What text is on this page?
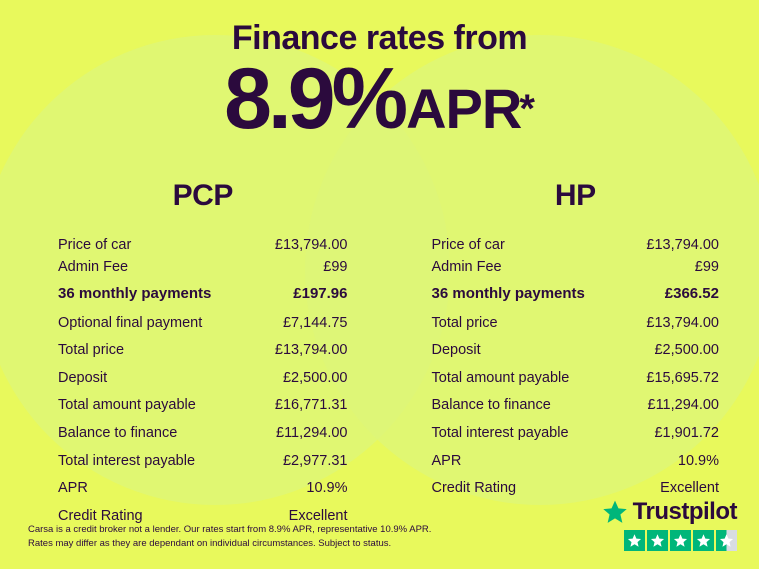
Finance rates from
8.9%APR*
PCP
Price of car	£13,794.00
Admin Fee	£99
36 monthly payments	£197.96
Optional final payment	£7,144.75
Total price	£13,794.00
Deposit	£2,500.00
Total amount payable	£16,771.31
Balance to finance	£11,294.00
Total interest payable	£2,977.31
APR	10.9%
Credit Rating	Excellent
HP
Price of car	£13,794.00
Admin Fee	£99
36 monthly payments	£366.52
Total price	£13,794.00
Deposit	£2,500.00
Total amount payable	£15,695.72
Balance to finance	£11,294.00
Total interest payable	£1,901.72
APR	10.9%
Credit Rating	Excellent
Carsa is a credit broker not a lender. Our rates start from 8.9% APR, representative 10.9% APR.
Rates may differ as they are dependant on individual circumstances. Subject to status.
Trustpilot
